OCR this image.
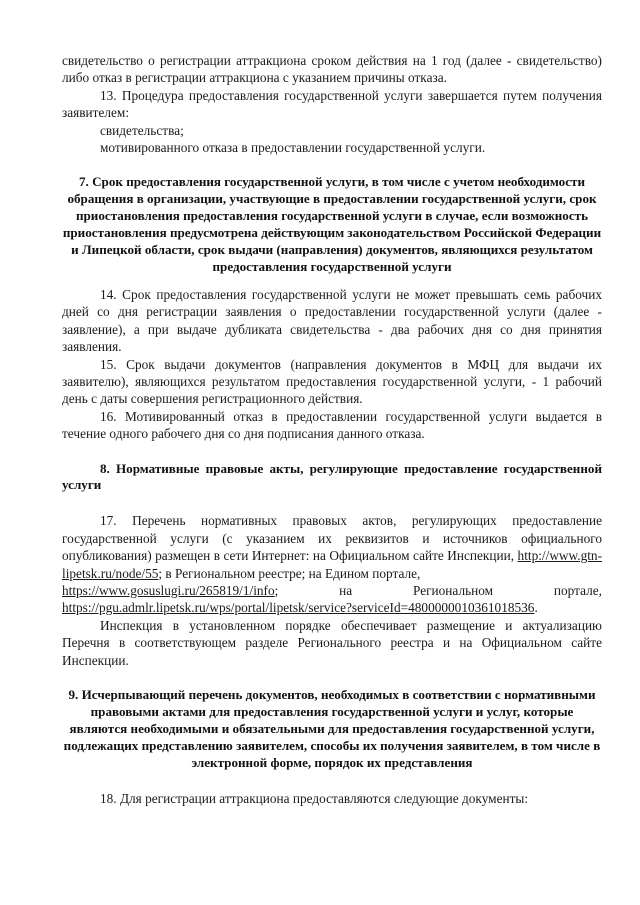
свидетельство о регистрации аттракциона сроком действия на 1 год (далее - свидетельство) либо отказ в регистрации аттракциона с указанием причины отказа.

13. Процедура предоставления государственной услуги завершается путем получения заявителем:

свидетельства;

мотивированного отказа в предоставлении государственной услуги.

7. Срок предоставления государственной услуги, в том числе с учетом необходимости обращения в организации, участвующие в предоставлении государственной услуги, срок приостановления предоставления государственной услуги в случае, если возможность приостановления предусмотрена действующим законодательством Российской Федерации и Липецкой области, срок выдачи (направления) документов, являющихся результатом предоставления государственной услуги

14. Срок предоставления государственной услуги не может превышать семь рабочих дней со дня регистрации заявления о предоставлении государственной услуги (далее - заявление), а при выдаче дубликата свидетельства - два рабочих дня со дня принятия заявления.

15. Срок выдачи документов (направления документов в МФЦ для выдачи их заявителю), являющихся результатом предоставления государственной услуги, - 1 рабочий день с даты совершения регистрационного действия.

16. Мотивированный отказ в предоставлении государственной услуги выдается в течение одного рабочего дня со дня подписания данного отказа.

8. Нормативные правовые акты, регулирующие предоставление государственной услуги

17. Перечень нормативных правовых актов, регулирующих предоставление государственной услуги (с указанием их реквизитов и источников официального опубликования) размещен в сети Интернет: на Официальном сайте Инспекции, http://www.gtn-lipetsk.ru/node/55; в Региональном реестре; на Едином портале,

https://www.gosuslugi.ru/265819/1/info;	на	Региональном	портале,

https://pgu.admlr.lipetsk.ru/wps/portal/lipetsk/service?serviceId=4800000010361018536.

Инспекция в установленном порядке обеспечивает размещение и актуализацию Перечня в соответствующем разделе Регионального реестра и на Официальном сайте Инспекции.

9. Исчерпывающий перечень документов, необходимых в соответствии с нормативными правовыми актами для предоставления государственной услуги и услуг, которые являются необходимыми и обязательными для предоставления государственной услуги, подлежащих представлению заявителем, способы их получения заявителем, в том числе в электронной форме, порядок их представления

18. Для регистрации аттракциона предоставляются следующие документы:
